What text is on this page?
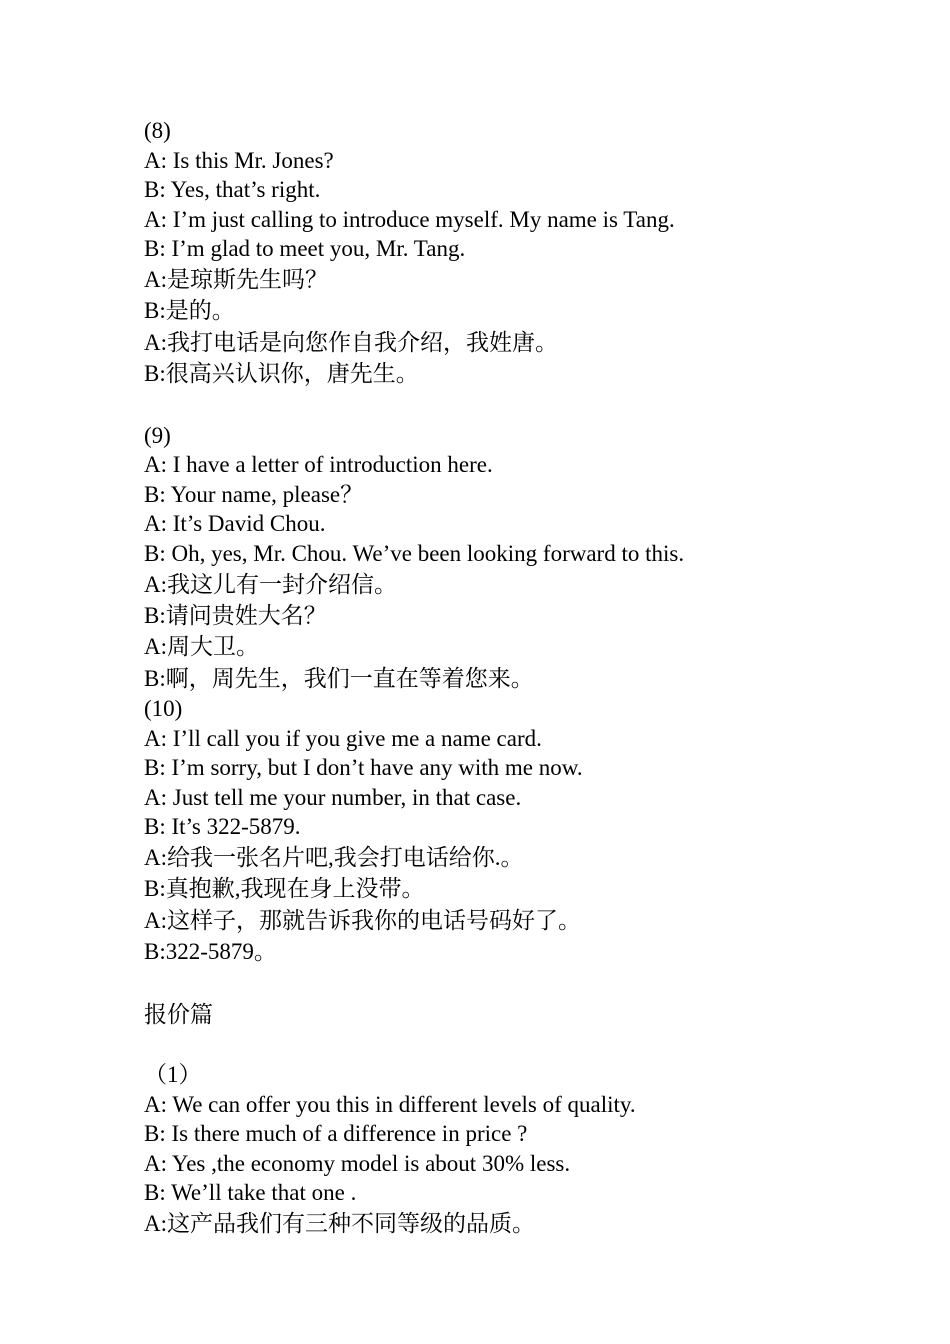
(8)
A: Is this Mr. Jones?
B: Yes, that’s right.
A: I’m just calling to introduce myself. My name is Tang.
B: I’m glad to meet you, Mr. Tang.
A:是琼斯先生吗？
B:是的。
A:我打电话是向您作自我介绍，我姓唐。
B:很高兴认识你，唐先生。
(9)
A: I have a letter of introduction here.
B: Your name, please？
A: It’s David Chou.
B: Oh, yes, Mr. Chou. We’ve been looking forward to this.
A:我这儿有一封介绍信。
B:请问贵姓大名？
A:周大卫。
B:啊，周先生，我们一直在等着您来。
(10)
A: I’ll call you if you give me a name card.
B: I’m sorry, but I don’t have any with me now.
A: Just tell me your number, in that case.
B: It’s 322-5879.
A:给我一张名片吧,我会打电话给你.。
B:真抱歉,我现在身上没带。
A:这样子，那就告诉我你的电话号码好了。
B:322-5879。
报价篇
（1）
A: We can offer you this in different levels of quality.
B: Is there much of a difference in price ?
A: Yes ,the economy model is about 30% less.
B: We’ll take that one .
A:这产品我们有三种不同等级的品质。
